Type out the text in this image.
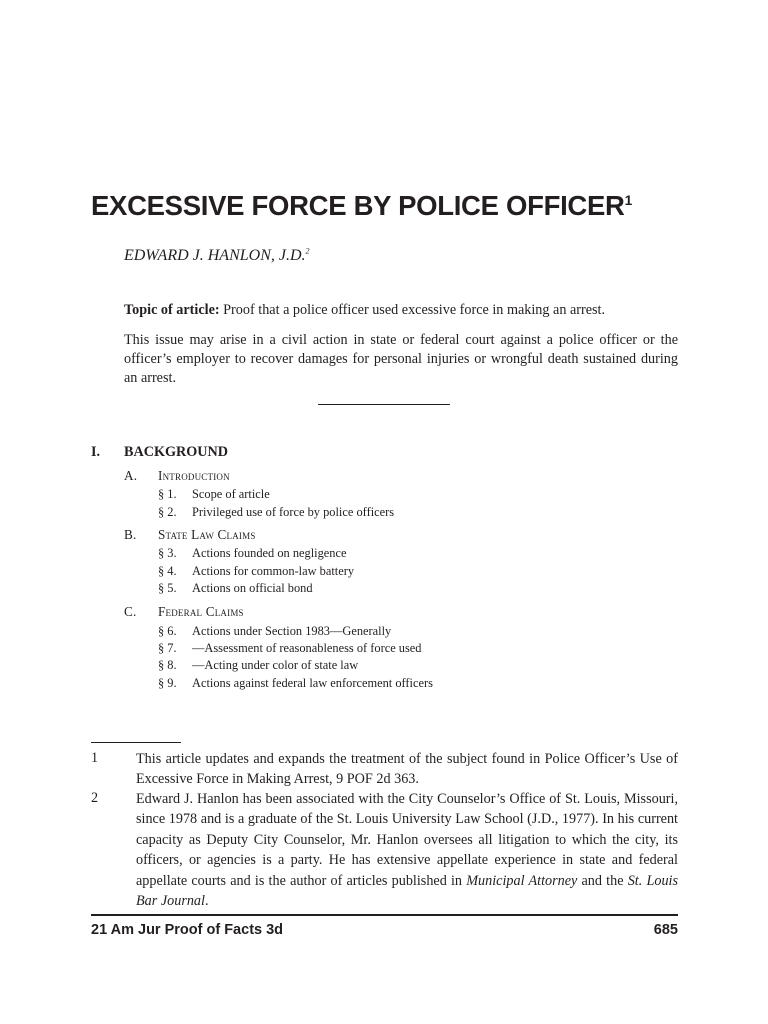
EXCESSIVE FORCE BY POLICE OFFICER$^1$
EDWARD J. HANLON, J.D.$^2$

Topic of article: Proof that a police officer used excessive force in making an arrest.

This issue may arise in a civil action in state or federal court against a police officer or the officer’s employer to recover damages for personal injuries or wrongful death sustained during an arrest.

I. BACKGROUND
A. Introduction
§ 1. Scope of article
§ 2. Privileged use of force by police officers
B. State Law Claims
§ 3. Actions founded on negligence
§ 4. Actions for common-law battery
§ 5. Actions on official bond
C. Federal Claims
§ 6. Actions under Section 1983—Generally
§ 7. —Assessment of reasonableness of force used
§ 8. —Acting under color of state law
§ 9. Actions against federal law enforcement officers
1	This article updates and expands the treatment of the subject found in Police Officer’s Use of Excessive Force in Making Arrest, 9 POF 2d 363.

2	Edward J. Hanlon has been associated with the City Counselor’s Office of St. Louis, Missouri, since 1978 and is a graduate of the St. Louis University Law School (J.D., 1977). In his current capacity as Deputy City Counselor, Mr. Hanlon oversees all litigation to which the city, its officers, or agencies is a party. He has extensive appellate experience in state and federal appellate courts and is the author of articles published in Municipal Attorney and the St. Louis Bar Journal.

21 Am Jur Proof of Facts 3d	685
